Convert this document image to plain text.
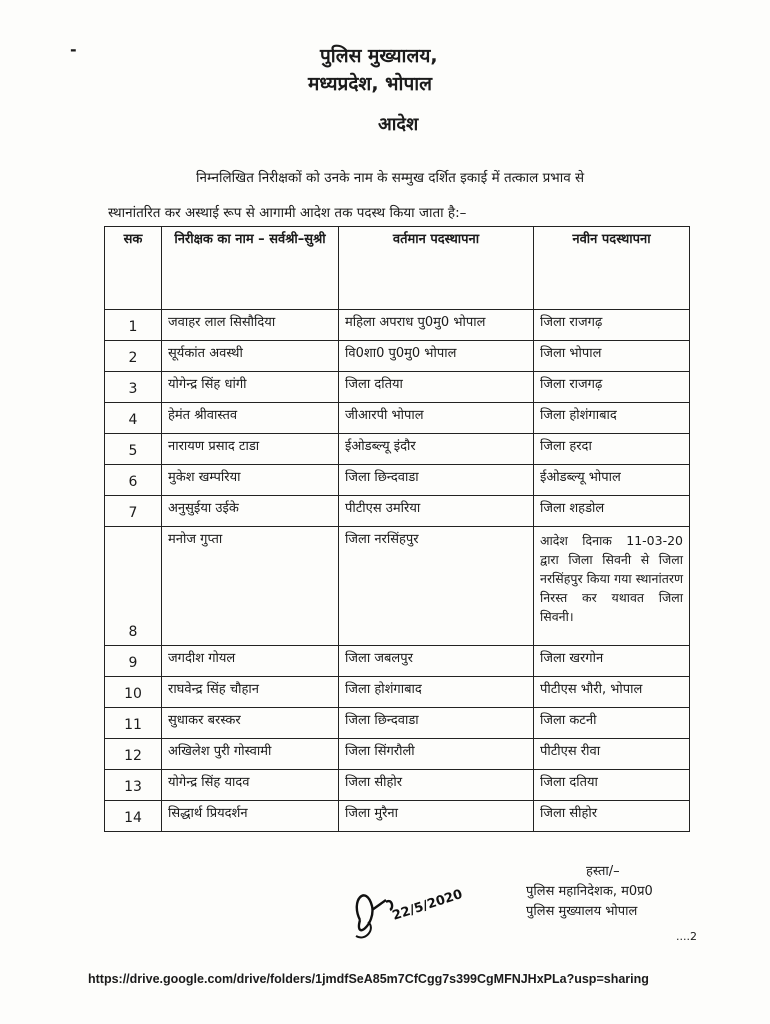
-	पुलिस मुख्यालय,
मध्यप्रदेश, भोपाल
आदेश
निम्नलिखित निरीक्षकों को उनके नाम के सम्मुख दर्शित इकाई में तत्काल प्रभाव से
स्थानांतरित कर अस्थाई रूप से आगामी आदेश तक पदस्थ किया जाता है:–
सक	निरीक्षक का नाम – सर्वश्री–सुश्री	वर्तमान पदस्थापना	नवीन पदस्थापना
1	जवाहर लाल सिसौदिया	महिला अपराध पु0मु0 भोपाल	जिला राजगढ़
2	सूर्यकांत अवस्थी	वि0शा0 पु0मु0 भोपाल	जिला भोपाल
3	योगेन्द्र सिंह धांगी	जिला दतिया	जिला राजगढ़
4	हेमंत श्रीवास्तव	जीआरपी भोपाल	जिला होशंगाबाद
5	नारायण प्रसाद टाडा	ईओडब्ल्यू इंदौर	जिला हरदा
6	मुकेश खम्परिया	जिला छिन्दवाडा	ईओडब्ल्यू भोपाल
7	अनुसुईया उईके	पीटीएस उमरिया	जिला शहडोल
8	मनोज गुप्ता	जिला नरसिंहपुर	आदेश दिनाक 11-03-20 द्वारा जिला सिवनी से जिला नरसिंहपुर किया गया स्थानांतरण निरस्त कर यथावत जिला सिवनी।
9	जगदीश गोयल	जिला जबलपुर	जिला खरगोन
10	राघवेन्द्र सिंह चौहान	जिला होशंगाबाद	पीटीएस भौरी, भोपाल
11	सुधाकर बरस्कर	जिला छिन्दवाडा	जिला कटनी
12	अखिलेश पुरी गोस्वामी	जिला सिंगरौली	पीटीएस रीवा
13	योगेन्द्र सिंह यादव	जिला सीहोर	जिला दतिया
14	सिद्धार्थ प्रियदर्शन	जिला मुरैना	जिला सीहोर
22/5/2020
हस्ता/–
पुलिस महानिदेशक, म0प्र0
पुलिस मुख्यालय भोपाल
....2
https://drive.google.com/drive/folders/1jmdfSeA85m7CfCgg7s399CgMFNJHxPLa?usp=sharing
